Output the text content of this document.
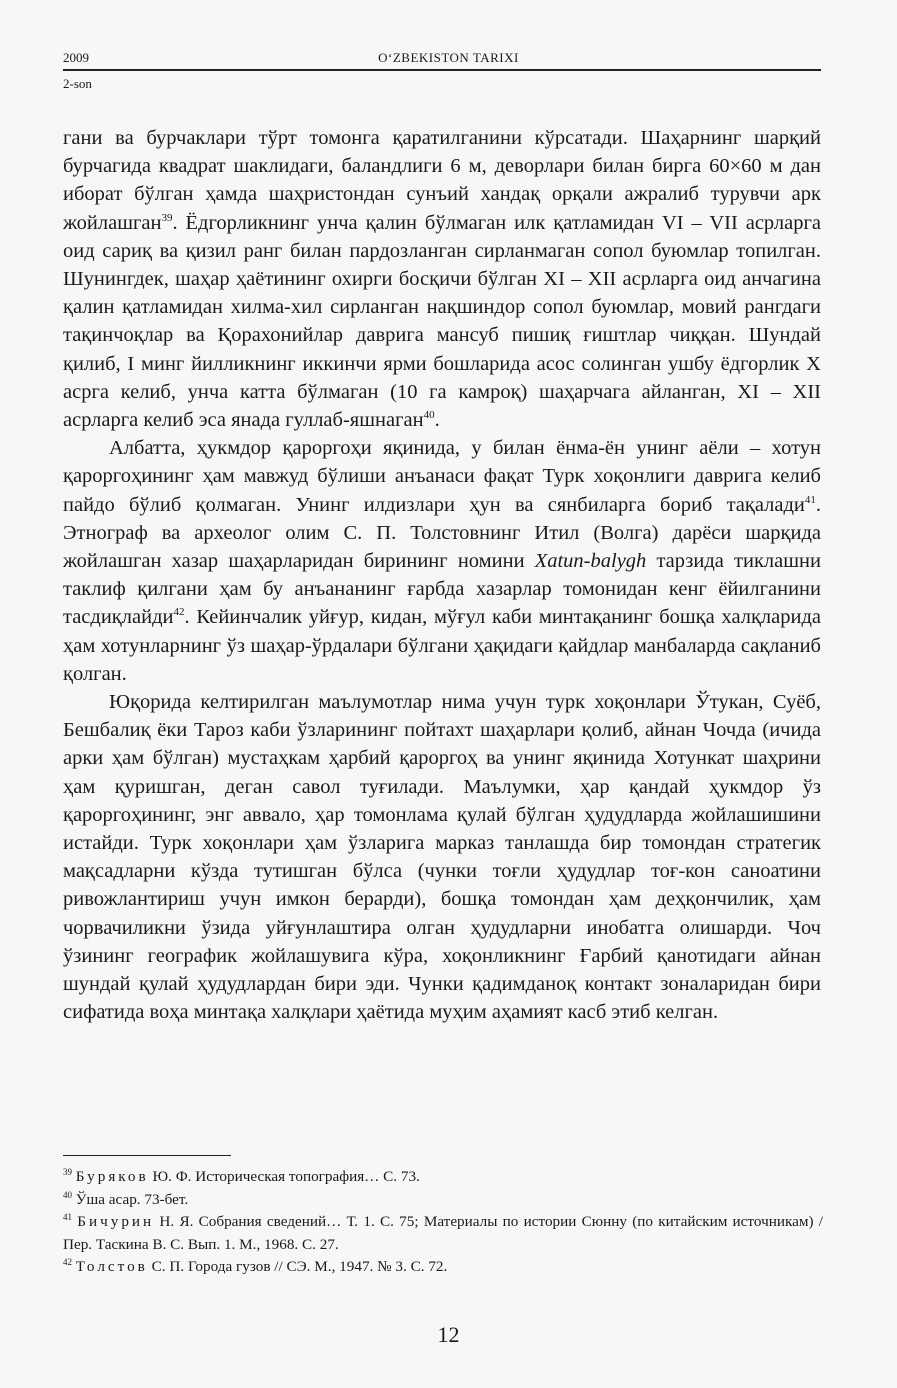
2009	O‘ZBEKISTON TARIXI
2-son

гани ва бурчаклари тўрт томонга қаратилганини кўрсатади. Шаҳарнинг шарқий бурчагида квадрат шаклидаги, баландлиги 6 м, деворлари билан бирга 60×60 м дан иборат бўлган ҳамда шаҳристондан сунъий хандақ орқали ажралиб турувчи арк жойлашган$^{39}$. Ёдгорликнинг унча қалин бўлмаган илк қатламидан VI – VII асрларга оид сариқ ва қизил ранг билан пардозланган сирланмаган сопол буюмлар топилган. Шунингдек, шаҳар ҳаётининг охирги босқичи бўлган XI – XII асрларга оид анчагина қалин қатламидан хилма-хил сирланган нақшиндор сопол буюмлар, мовий рангдаги тақинчоқлар ва Қорахонийлар даврига мансуб пишиқ ғиштлар чиққан. Шундай қилиб, I минг йилликнинг иккинчи ярми бошларида асос солинган ушбу ёдгорлик X асрга келиб, унча катта бўлмаган (10 га камроқ) шаҳарчага айланган, XI – XII асрларга келиб эса янада гуллаб-яшнаган$^{40}$.

Албатта, ҳукмдор қароргоҳи яқинида, у билан ёнма-ён унинг аёли – хотун қароргоҳининг ҳам мавжуд бўлиши анъанаси фақат Турк хоқонлиги даврига келиб пайдо бўлиб қолмаган. Унинг илдизлари ҳун ва сянбиларга бориб тақалади$^{41}$. Этнограф ва археолог олим С. П. Толстовнинг Итил (Волга) дарёси шарқида жойлашган хазар шаҳарларидан бирининг номини Xatun-balygh тарзида тиклашни таклиф қилгани ҳам бу анъананинг ғарбда хазарлар томонидан кенг ёйилганини тасдиқлайди$^{42}$. Кейинчалик уйғур, кидан, мўғул каби минтақанинг бошқа халқларида ҳам хотунларнинг ўз шаҳар-ўрдалари бўлгани ҳақидаги қайдлар манбаларда сақланиб қолган.

Юқорида келтирилган маълумотлар нима учун турк хоқонлари Ўтукан, Суёб, Бешбалиқ ёки Тароз каби ўзларининг пойтахт шаҳарлари қолиб, айнан Чочда (ичида арки ҳам бўлган) мустаҳкам ҳарбий қароргоҳ ва унинг яқинида Хотункат шаҳрини ҳам қуришган, деган савол туғилади. Маълумки, ҳар қандай ҳукмдор ўз қароргоҳининг, энг аввало, ҳар томонлама қулай бўлган ҳудудларда жойлашишини истайди. Турк хоқонлари ҳам ўзларига марказ танлашда бир томондан стратегик мақсадларни кўзда тутишган бўлса (чунки тоғли ҳудудлар тоғ-кон саноатини ривожлантириш учун имкон берарди), бошқа томондан ҳам деҳқончилик, ҳам чорвачиликни ўзида уйғунлаштира олган ҳудудларни инобатга олишарди. Чоч ўзининг географик жойлашувига кўра, хоқонликнинг Ғарбий қанотидаги айнан шундай қулай ҳудудлардан бири эди. Чунки қадимданоқ контакт зоналаридан бири сифатида воҳа минтақа халқлари ҳаётида муҳим аҳамият касб этиб келган.

$^{39}$ Буряков Ю. Ф. Историческая топография… С. 73.

$^{40}$ Ўша асар. 73-бет.

$^{41}$ Бичурин Н. Я. Собрания сведений… Т. 1. С. 75; Материалы по истории Сюнну (по китайским источникам) / Пер. Таскина В. С. Вып. 1. М., 1968. С. 27.

$^{42}$ Толстов С. П. Города гузов // СЭ. М., 1947. № 3. С. 72.

12
